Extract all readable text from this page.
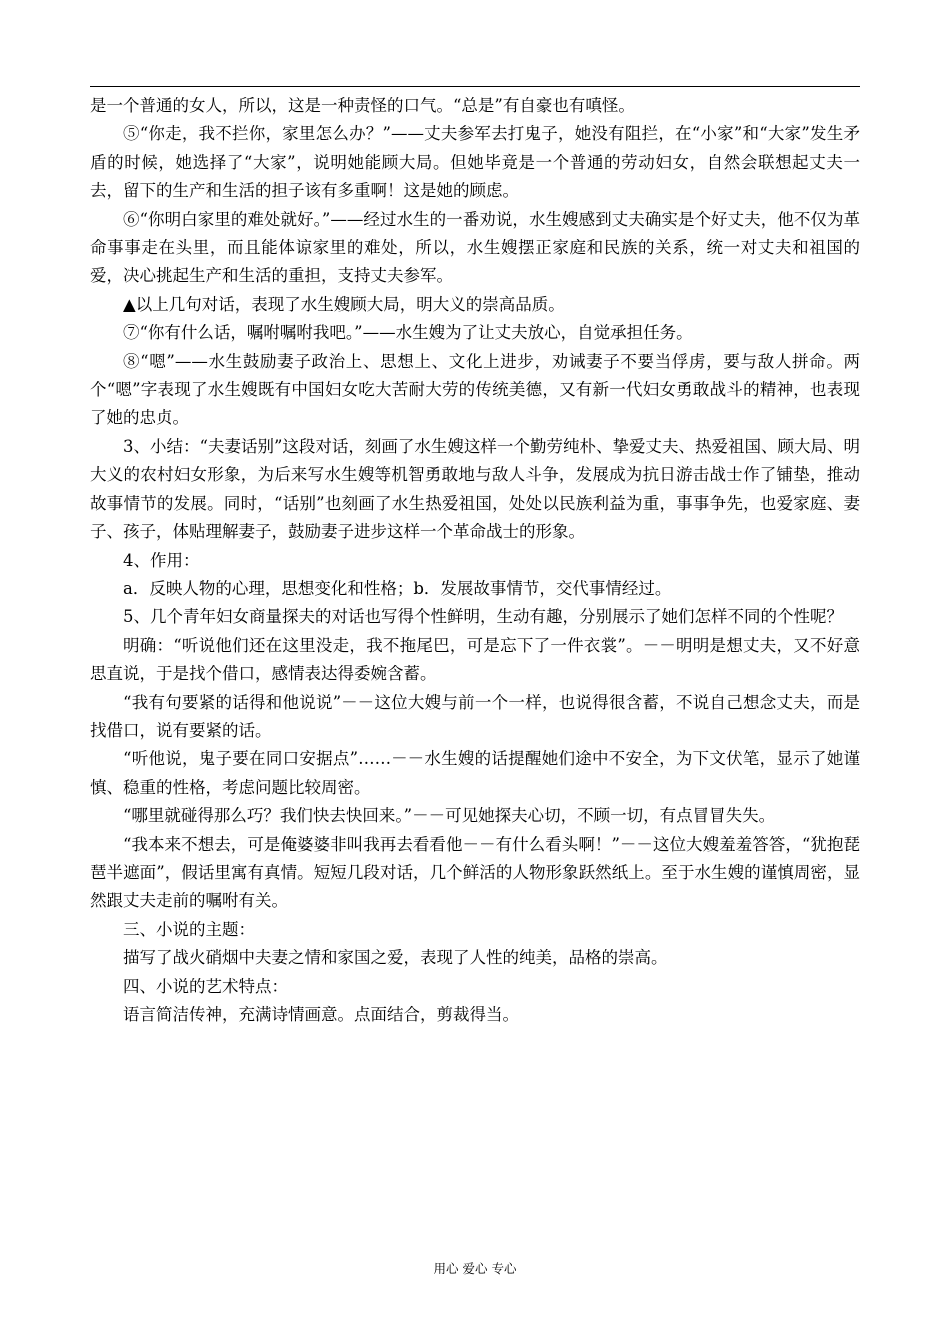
是一个普通的女人，所以，这是一种责怪的口气。“总是”有自豪也有嗔怪。

⑤“你走，我不拦你，家里怎么办？”——丈夫参军去打鬼子，她没有阻拦，在“小家”和“大家”发生矛盾的时候，她选择了“大家”，说明她能顾大局。但她毕竟是一个普通的劳动妇女，自然会联想起丈夫一去，留下的生产和生活的担子该有多重啊！这是她的顾虑。

⑥“你明白家里的难处就好。”——经过水生的一番劝说，水生嫂感到丈夫确实是个好丈夫，他不仅为革命事事走在头里，而且能体谅家里的难处，所以，水生嫂摆正家庭和民族的关系，统一对丈夫和祖国的爱，决心挑起生产和生活的重担，支持丈夫参军。

▲以上几句对话，表现了水生嫂顾大局，明大义的崇高品质。

⑦“你有什么话，嘱咐嘱咐我吧。”——水生嫂为了让丈夫放心，自觉承担任务。

⑧“嗯”——水生鼓励妻子政治上、思想上、文化上进步，劝诫妻子不要当俘虏，要与敌人拼命。两个“嗯”字表现了水生嫂既有中国妇女吃大苦耐大劳的传统美德，又有新一代妇女勇敢战斗的精神，也表现了她的忠贞。

3、小结：“夫妻话别”这段对话，刻画了水生嫂这样一个勤劳纯朴、挚爱丈夫、热爱祖国、顾大局、明大义的农村妇女形象，为后来写水生嫂等机智勇敢地与敌人斗争，发展成为抗日游击战士作了铺垫，推动故事情节的发展。同时，“话别”也刻画了水生热爱祖国，处处以民族利益为重，事事争先，也爱家庭、妻子、孩子，体贴理解妻子，鼓励妻子进步这样一个革命战士的形象。

4、作用：

a．反映人物的心理，思想变化和性格；b．发展故事情节，交代事情经过。

5、几个青年妇女商量探夫的对话也写得个性鲜明，生动有趣，分别展示了她们怎样不同的个性呢？

明确：“听说他们还在这里没走，我不拖尾巴，可是忘下了一件衣裳”。－－明明是想丈夫，又不好意思直说，于是找个借口，感情表达得委婉含蓄。

“我有句要紧的话得和他说说”－－这位大嫂与前一个一样，也说得很含蓄，不说自己想念丈夫，而是找借口，说有要紧的话。

“听他说，鬼子要在同口安据点”……－－水生嫂的话提醒她们途中不安全，为下文伏笔，显示了她谨慎、稳重的性格，考虑问题比较周密。

“哪里就碰得那么巧？我们快去快回来。”－－可见她探夫心切，不顾一切，有点冒冒失失。

“我本来不想去，可是俺婆婆非叫我再去看看他－－有什么看头啊！”－－这位大嫂羞羞答答，“犹抱琵琶半遮面”，假话里寓有真情。短短几段对话，几个鲜活的人物形象跃然纸上。至于水生嫂的谨慎周密，显然跟丈夫走前的嘱咐有关。

三、小说的主题：

描写了战火硝烟中夫妻之情和家国之爱，表现了人性的纯美，品格的崇高。

四、小说的艺术特点：

语言简洁传神，充满诗情画意。点面结合，剪裁得当。

用心 爱心 专心
